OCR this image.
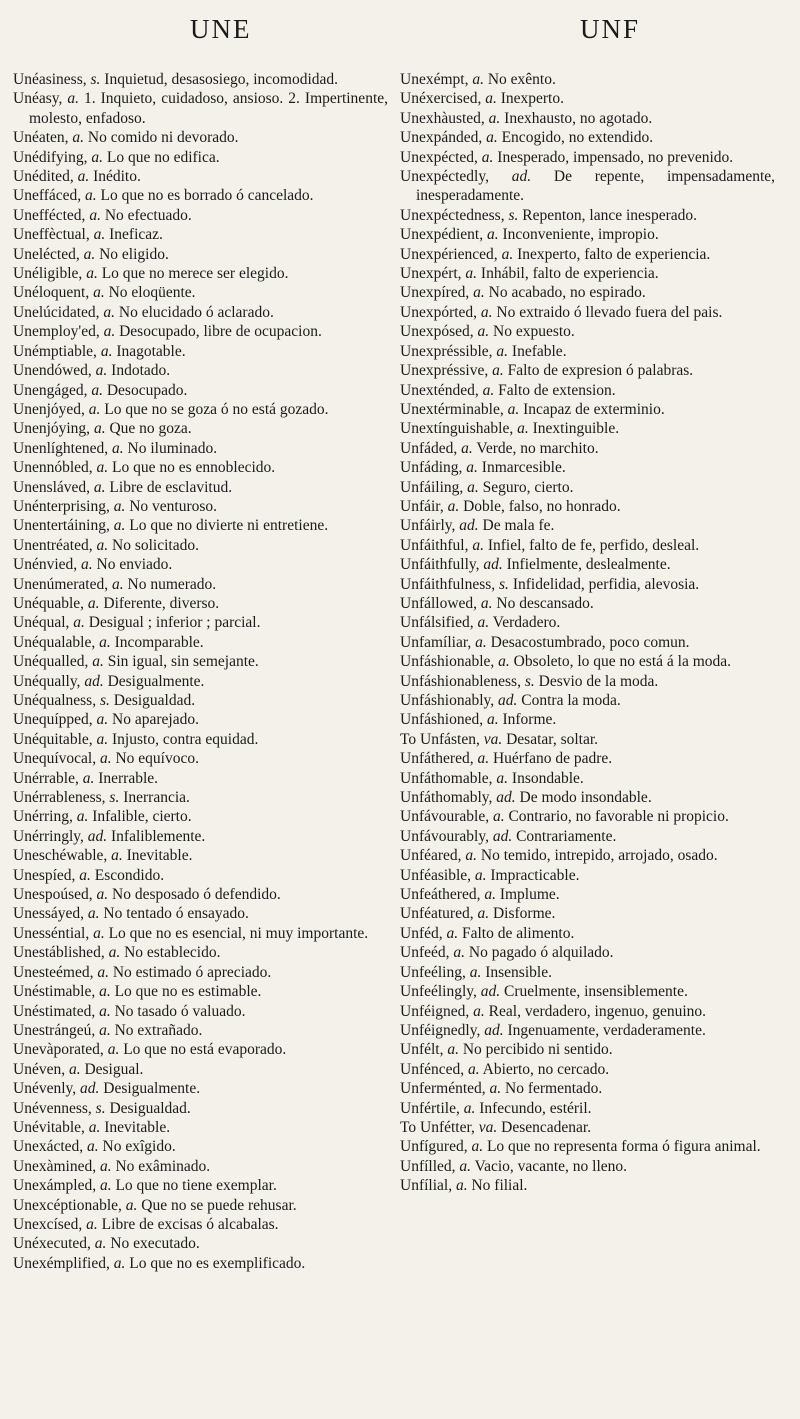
UNE	UNF
Unéasiness, s. Inquietud, desasosiego, incomodidad.
Unéasy, a. 1. Inquieto, cuidadoso, ansioso. 2. Impertinente, molesto, enfadoso.
Unéaten, a. No comido ni devorado.
Unédifying, a. Lo que no edifica.
Unédited, a. Inédito.
Uneffáced, a. Lo que no es borrado ó cancelado.
Uneffécted, a. No efectuado.
Uneffèctual, a. Ineficaz.
Unelécted, a. No eligido.
Unéligible, a. Lo que no merece ser elegido.
Unéloquent, a. No eloqüente.
Unelúcidated, a. No elucidado ó aclarado.
Unemploy'ed, a. Desocupado, libre de ocupacion.
Unémptiable, a. Inagotable.
Unendówed, a. Indotado.
Unengáged, a. Desocupado.
Unenjóyed, a. Lo que no se goza ó no está gozado.
Unenjóying, a. Que no goza.
Unenlíghtened, a. No iluminado.
Unennóbled, a. Lo que no es ennoblecido.
Unensláved, a. Libre de esclavitud.
Unénterprising, a. No venturoso.
Unentertáining, a. Lo que no divierte ni entretiene.
Unentréated, a. No solicitado.
Unénvied, a. No enviado.
Unenúmerated, a. No numerado.
Unéquable, a. Diferente, diverso.
Unéqual, a. Desigual ; inferior ; parcial.
Unéqualable, a. Incomparable.
Unéqualled, a. Sin igual, sin semejante.
Unéqually, ad. Desigualmente.
Unéqualness, s. Desigualdad.
Unequípped, a. No aparejado.
Unéquitable, a. Injusto, contra equidad.
Unequívocal, a. No equívoco.
Unérrable, a. Inerrable.
Unérrableness, s. Inerrancia.
Unérring, a. Infalible, cierto.
Unérringly, ad. Infaliblemente.
Uneschéwable, a. Inevitable.
Unespíed, a. Escondido.
Unespoúsed, a. No desposado ó defendido.
Unessáyed, a. No tentado ó ensayado.
Unesséntial, a. Lo que no es esencial, ni muy importante.
Unestáblished, a. No establecido.
Unesteémed, a. No estimado ó apreciado.
Unéstimable, a. Lo que no es estimable.
Unéstimated, a. No tasado ó valuado.
Unestrángeú, a. No extrañado.
Unevàporated, a. Lo que no está evaporado.
Unéven, a. Desigual.
Unévenly, ad. Desigualmente.
Unévenness, s. Desigualdad.
Unévitable, a. Inevitable.
Unexácted, a. No exîgido.
Unexàmined, a. No exâminado.
Unexámpled, a. Lo que no tiene exemplar.
Unexcéptionable, a. Que no se puede rehusar.
Unexcísed, a. Libre de excisas ó alcabalas.
Unéxecuted, a. No executado.
Unexémplified, a. Lo que no es exemplificado.
Unexémpt, a. No exênto.
Unéxercised, a. Inexperto.
Unexhàusted, a. Inexhausto, no agotado.
Unexpánded, a. Encogido, no extendido.
Unexpécted, a. Inesperado, impensado, no prevenido.
Unexpéctedly, ad. De repente, impensadamente, inesperadamente.
Unexpéctedness, s. Repenton, lance inesperado.
Unexpédient, a. Inconveniente, impropio.
Unexpérienced, a. Inexperto, falto de experiencia.
Unexpért, a. Inhábil, falto de experiencia.
Unexpíred, a. No acabado, no espirado.
Unexpórted, a. No extraido ó llevado fuera del pais.
Unexpósed, a. No expuesto.
Unexpréssible, a. Inefable.
Unexpréssive, a. Falto de expresion ó palabras.
Unexténded, a. Falto de extension.
Unextérminable, a. Incapaz de exterminio.
Unextínguishable, a. Inextinguible.
Unfáded, a. Verde, no marchito.
Unfáding, a. Inmarcesible.
Unfáiling, a. Seguro, cierto.
Unfáir, a. Doble, falso, no honrado.
Unfáirly, ad. De mala fe.
Unfáithful, a. Infiel, falto de fe, perfido, desleal.
Unfáithfully, ad. Infielmente, deslealmente.
Unfáithfulness, s. Infidelidad, perfidia, alevosia.
Unfállowed, a. No descansado.
Unfálsified, a. Verdadero.
Unfamíliar, a. Desacostumbrado, poco comun.
Unfáshionable, a. Obsoleto, lo que no está á la moda.
Unfáshionableness, s. Desvio de la moda.
Unfáshionably, ad. Contra la moda.
Unfáshioned, a. Informe.
To Unfásten, va. Desatar, soltar.
Unfáthered, a. Huérfano de padre.
Unfáthomable, a. Insondable.
Unfáthomably, ad. De modo insondable.
Unfávourable, a. Contrario, no favorable ni propicio.
Unfávourably, ad. Contrariamente.
Unféared, a. No temido, intrepido, arrojado, osado.
Unféasible, a. Impracticable.
Unfeáthered, a. Implume.
Unféatured, a. Disforme.
Unféd, a. Falto de alimento.
Unfeéd, a. No pagado ó alquilado.
Unfeéling, a. Insensible.
Unfeélingly, ad. Cruelmente, insensiblemente.
Unféigned, a. Real, verdadero, ingenuo, genuino.
Unféignedly, ad. Ingenuamente, verdaderamente.
Unfélt, a. No percibido ni sentido.
Unfénced, a. Abierto, no cercado.
Unferménted, a. No fermentado.
Unfértile, a. Infecundo, estéril.
To Unfétter, va. Desencadenar.
Unfígured, a. Lo que no representa forma ó figura animal.
Unfílled, a. Vacio, vacante, no lleno.
Unfílial, a. No filial.
